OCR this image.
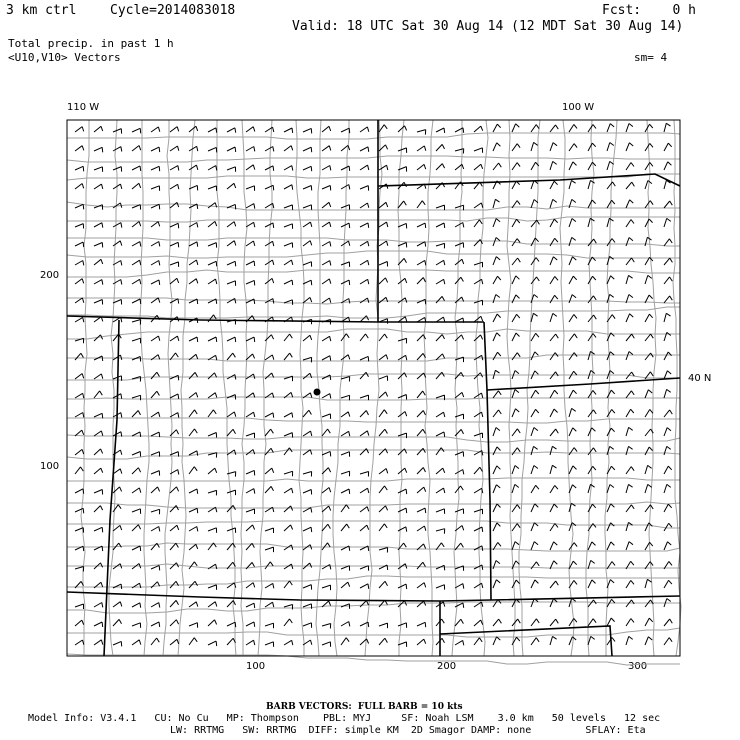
3 km ctrl	Cycle=2014083018	Fcst:    0 h
Valid: 18 UTC Sat 30 Aug 14 (12 MDT Sat 30 Aug 14)
Total precip. in past 1 h
<U10,V10> Vectors	sm= 4
110 W	100 W
40 N
200
100
100	200	300
BARB VECTORS:  FULL BARB = 10 kts
Model Info: V3.4.1   CU: No Cu   MP: Thompson    PBL: MYJ     SF: Noah LSM    3.0 km   50 levels   12 sec
LW: RRTMG   SW: RRTMG  DIFF: simple KM  2D Smagor DAMP: none         SFLAY: Eta
